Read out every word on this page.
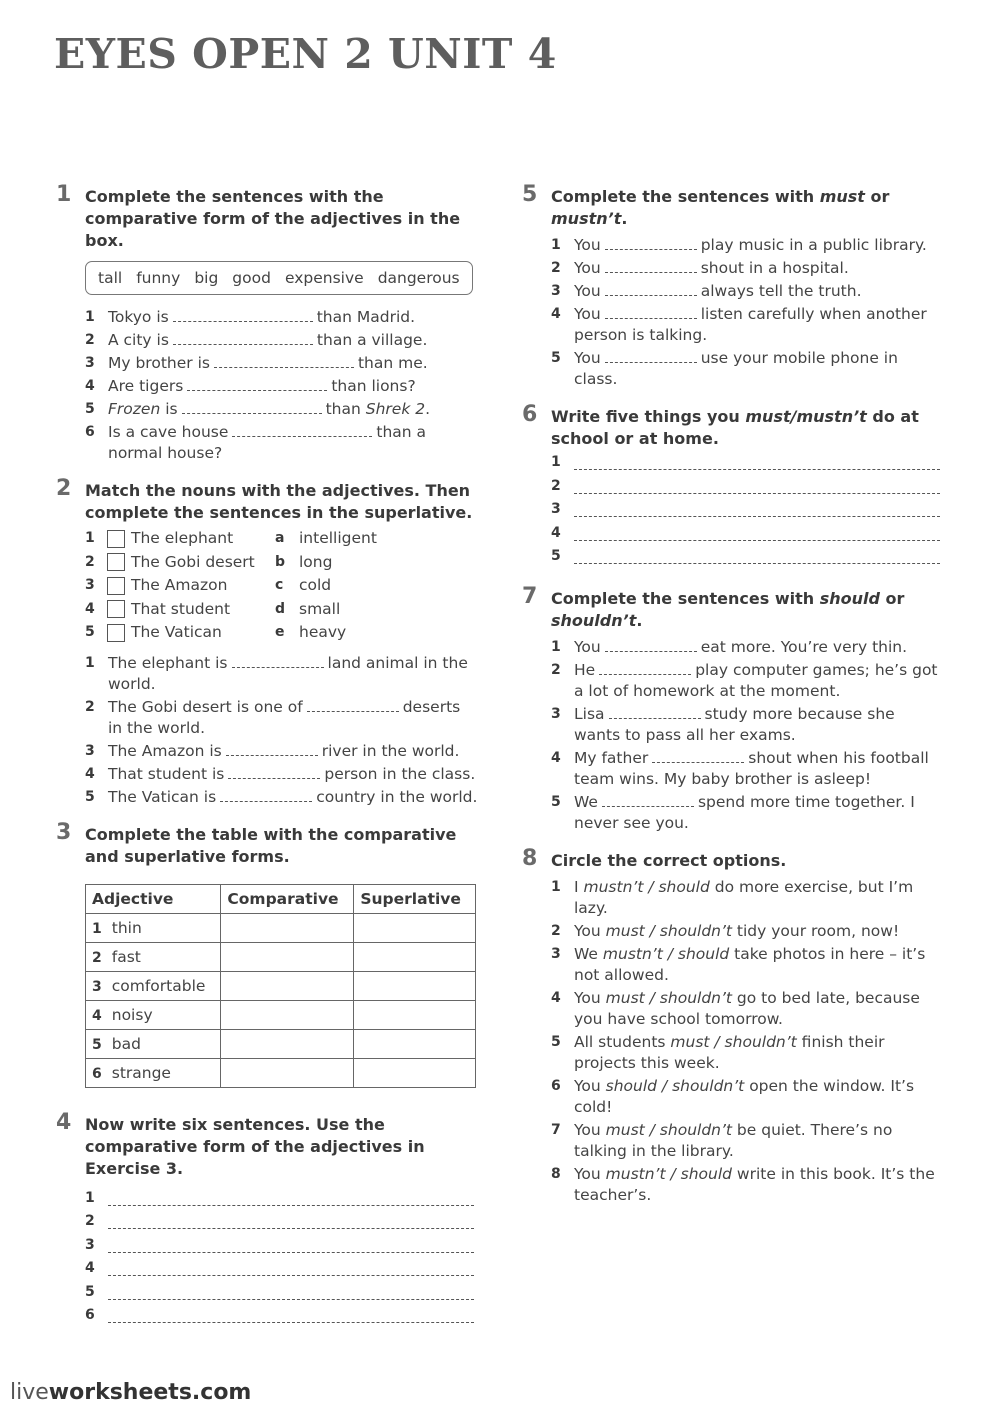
EYES OPEN 2 UNIT 4
1 Complete the sentences with the comparative form of the adjectives in the box.
tall funny big good expensive dangerous
1 Tokyo is	than Madrid.
2 A city is	than a village.
3 My brother is	than me.
4 Are tigers	than lions?
5 Frozen is	than Shrek 2.
6 Is a cave house	than a normal house?
2 Match the nouns with the adjectives. Then complete the sentences in the superlative.
1	The elephant	a intelligent
2	The Gobi desert b long
3	The Amazon	c	cold
4	That student	d small
5	The Vatican	e heavy
1 The elephant is	land animal in the world.
2 The Gobi desert is one of	deserts in the world.
3 The Amazon is	river in the world.
4 That student is	person in the class.
5 The Vatican is	country in the world.
3 Complete the table with the comparative and superlative forms.
Adjective	Comparative	Superlative
1 thin		
2 fast		
3 comfortable		
4 noisy		
5 bad		
6 strange		
4 Now write six sentences. Use the comparative form of the adjectives in Exercise 3.
1
2
3
4
5
6
5 Complete the sentences with must or mustn’t.
1 You	play music in a public library.
2 You	shout in a hospital.
3 You	always tell the truth.
4 You	listen carefully when another person is talking.
5 You	use your mobile phone in class.
6 Write five things you must/mustn’t do at school or at home.
1
2
3
4
5
7 Complete the sentences with should or shouldn’t.
1 You	eat more. You’re very thin.
2 He	play computer games; he’s got a lot of homework at the moment.
3 Lisa	study more because she wants to pass all her exams.
4 My father	shout when his football team wins. My baby brother is asleep!
5 We	spend more time together. I never see you.
8 Circle the correct options.
1 I mustn’t / should do more exercise, but I’m lazy.
2 You must / shouldn’t tidy your room, now!
3 We mustn’t / should take photos in here – it’s not allowed.
4 You must / shouldn’t go to bed late, because you have school tomorrow.
5 All students must / shouldn’t finish their projects this week.
6 You should / shouldn’t open the window. It’s cold!
7 You must / shouldn’t be quiet. There’s no talking in the library.
8 You mustn’t / should write in this book. It’s the teacher’s.
liveworksheets.com
